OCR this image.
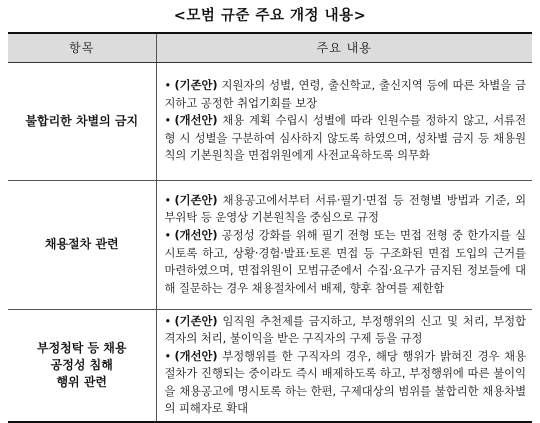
<모범 규준 주요 개정 내용>
항목	주요 내용

불합리한 차별의 금지	• (기존안) 지원자의 성별, 연령, 출신학교, 출신지역 등에 따른 차별을 금지하고 공정한 취업기회를 보장
• (개선안) 채용 계획 수립시 성별에 따라 인원수를 정하지 않고, 서류전형 시 성별을 구분하여 심사하지 않도록 하였으며, 성차별 금지 등 채용원칙의 기본원칙을 면접위원에게 사전교육하도록 의무화

채용절차 관련	• (기존안) 채용공고에서부터 서류·필기·면접 등 전형별 방법과 기준, 외부위탁 등 운영상 기본원칙을 중심으로 규정
• (개선안) 공정성 강화를 위해 필기 전형 또는 면접 전형 중 한가지를 실시토록 하고, 상황·경험·발표·토론 면접 등 구조화된 면접 도입의 근거를 마련하였으며, 면접위원이 모범규준에서 수집·요구가 금지된 정보들에 대해 질문하는 경우 채용절차에서 배제, 향후 참여를 제한함

부정청탁 등 채용
공정성 침해
행위 관련	• (기존안) 임직원 추천제를 금지하고, 부정행위의 신고 및 처리, 부정합격자의 처리, 불이익을 받은 구직자의 구제 등을 규정
• (개선안) 부정행위를 한 구직자의 경우, 해당 행위가 밝혀진 경우 채용절차가 진행되는 중이라도 즉시 배제하도록 하고, 부정행위에 따른 불이익을 채용공고에 명시토록 하는 한편, 구제대상의 범위를 불합리한 채용차별의 피해자로 확대
